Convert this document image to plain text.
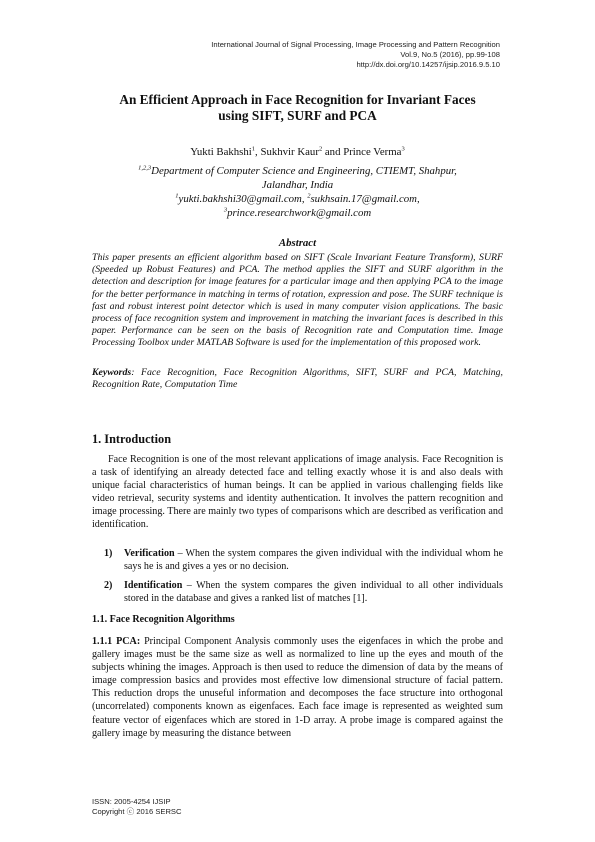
International Journal of Signal Processing, Image Processing and Pattern Recognition
Vol.9, No.5 (2016), pp.99-108
http://dx.doi.org/10.14257/ijsip.2016.9.5.10
An Efficient Approach in Face Recognition for Invariant Faces
using SIFT, SURF and PCA
Yukti Bakhshi$^1$, Sukhvir Kaur$^2$ and Prince Verma$^3$
$^{1,2,3}$Department of Computer Science and Engineering, CTIEMT, Shahpur,
Jalandhar, India
$^1$yukti.bakhshi30@gmail.com, $^2$sukhsain.17@gmail.com,
$^3$prince.researchwork@gmail.com
Abstract

This paper presents an efficient algorithm based on SIFT (Scale Invariant Feature Transform), SURF (Speeded up Robust Features) and PCA. The method applies the SIFT and SURF algorithm in the detection and description for image features for a particular image and then applying PCA to the image for the better performance in matching in terms of rotation, expression and pose. The SURF technique is fast and robust interest point detector which is used in many computer vision applications. The basic process of face recognition system and improvement in matching the invariant faces is described in this paper. Performance can be seen on the basis of Recognition rate and Computation time. Image Processing Toolbox under MATLAB Software is used for the implementation of this proposed work.

Keywords: Face Recognition, Face Recognition Algorithms, SIFT, SURF and PCA, Matching, Recognition Rate, Computation Time

1. Introduction

Face Recognition is one of the most relevant applications of image analysis. Face Recognition is a task of identifying an already detected face and telling exactly whose it is and also deals with unique facial characteristics of human beings. It can be applied in various challenging fields like video retrieval, security systems and identity authentication. It involves the pattern recognition and image processing. There are mainly two types of comparisons which are described as verification and identification.

1) Verification – When the system compares the given individual with the individual whom he says he is and gives a yes or no decision.
2) Identification – When the system compares the given individual to all other individuals stored in the database and gives a ranked list of matches [1].
1.1. Face Recognition Algorithms

1.1.1 PCA: Principal Component Analysis commonly uses the eigenfaces in which the probe and gallery images must be the same size as well as normalized to line up the eyes and mouth of the subjects whining the images. Approach is then used to reduce the dimension of data by the means of image compression basics and provides most effective low dimensional structure of facial pattern. This reduction drops the unuseful information and decomposes the face structure into orthogonal (uncorrelated) components known as eigenfaces. Each face image is represented as weighted sum feature vector of eigenfaces which are stored in 1-D array. A probe image is compared against the gallery image by measuring the distance between

ISSN: 2005-4254 IJSIP
Copyright ⓒ 2016 SERSC
